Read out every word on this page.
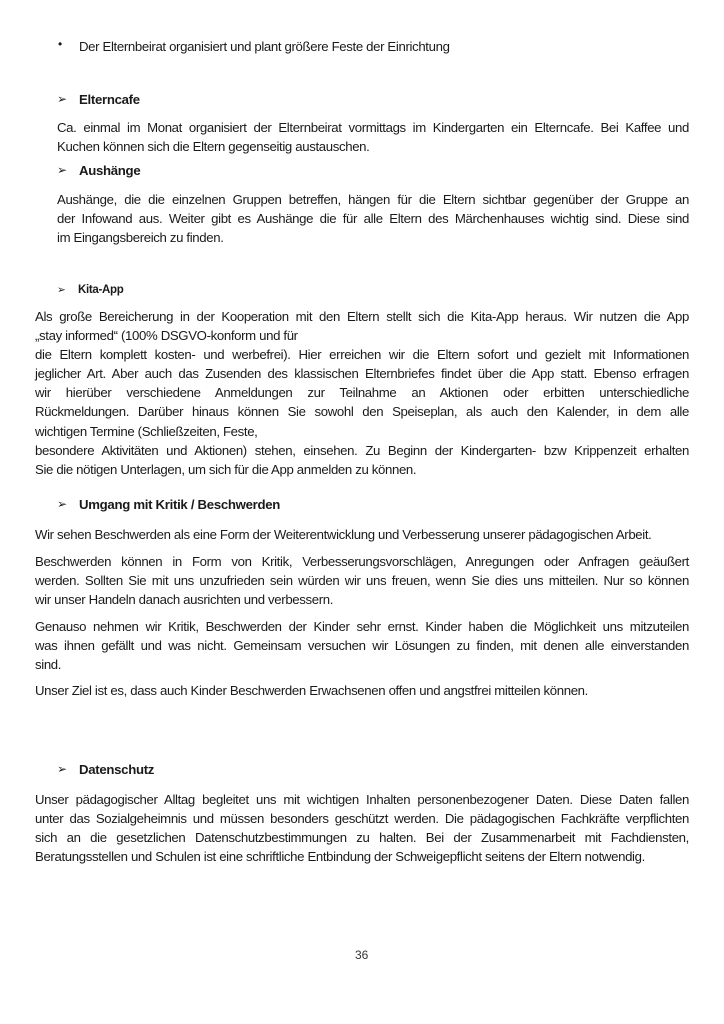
• Der Elternbeirat organisiert und plant größere Feste der Einrichtung
➢ Elterncafe
Ca. einmal im Monat organisiert der Elternbeirat vormittags im Kindergarten ein Elterncafe. Bei Kaffee und
Kuchen können sich die Eltern gegenseitig austauschen.
➢ Aushänge
Aushänge, die die einzelnen Gruppen betreffen, hängen für die Eltern sichtbar gegenüber der Gruppe an
der Infowand aus. Weiter gibt es Aushänge die für alle Eltern des Märchenhauses wichtig sind. Diese sind
im Eingangsbereich zu finden.
➢ Kita-App
Als große Bereicherung in der Kooperation mit den Eltern stellt sich die Kita-App heraus. Wir nutzen die App
„stay informed“ (100% DSGVO-konform und für
die Eltern komplett kosten- und werbefrei). Hier erreichen wir die Eltern sofort und gezielt mit Informationen
jeglicher Art. Aber auch das Zusenden des klassischen Elternbriefes findet über die App statt. Ebenso erfragen
wir hierüber verschiedene Anmeldungen zur Teilnahme an Aktionen oder erbitten unterschiedliche
Rückmeldungen. Darüber hinaus können Sie sowohl den Speiseplan, als auch den Kalender, in dem alle
wichtigen Termine (Schließzeiten, Feste,
besondere Aktivitäten und Aktionen) stehen, einsehen. Zu Beginn der Kindergarten- bzw Krippenzeit erhalten
Sie die nötigen Unterlagen, um sich für die App anmelden zu können.
➢ Umgang mit Kritik / Beschwerden
Wir sehen Beschwerden als eine Form der Weiterentwicklung und Verbesserung unserer pädagogischen Arbeit.
Beschwerden können in Form von Kritik, Verbesserungsvorschlägen, Anregungen oder Anfragen geäußert
werden. Sollten Sie mit uns unzufrieden sein würden wir uns freuen, wenn Sie dies uns mitteilen. Nur so können
wir unser Handeln danach ausrichten und verbessern.
Genauso nehmen wir Kritik, Beschwerden der Kinder sehr ernst. Kinder haben die Möglichkeit uns mitzuteilen
was ihnen gefällt und was nicht. Gemeinsam versuchen wir Lösungen zu finden, mit denen alle einverstanden
sind.
Unser Ziel ist es, dass auch Kinder Beschwerden Erwachsenen offen und angstfrei mitteilen können.
➢ Datenschutz
Unser pädagogischer Alltag begleitet uns mit wichtigen Inhalten personenbezogener Daten. Diese Daten fallen
unter das Sozialgeheimnis und müssen besonders geschützt werden. Die pädagogischen Fachkräfte verpflichten
sich an die gesetzlichen Datenschutzbestimmungen zu halten. Bei der Zusammenarbeit mit Fachdiensten,
Beratungsstellen und Schulen ist eine schriftliche Entbindung der Schweigepflicht seitens der Eltern notwendig.
36
